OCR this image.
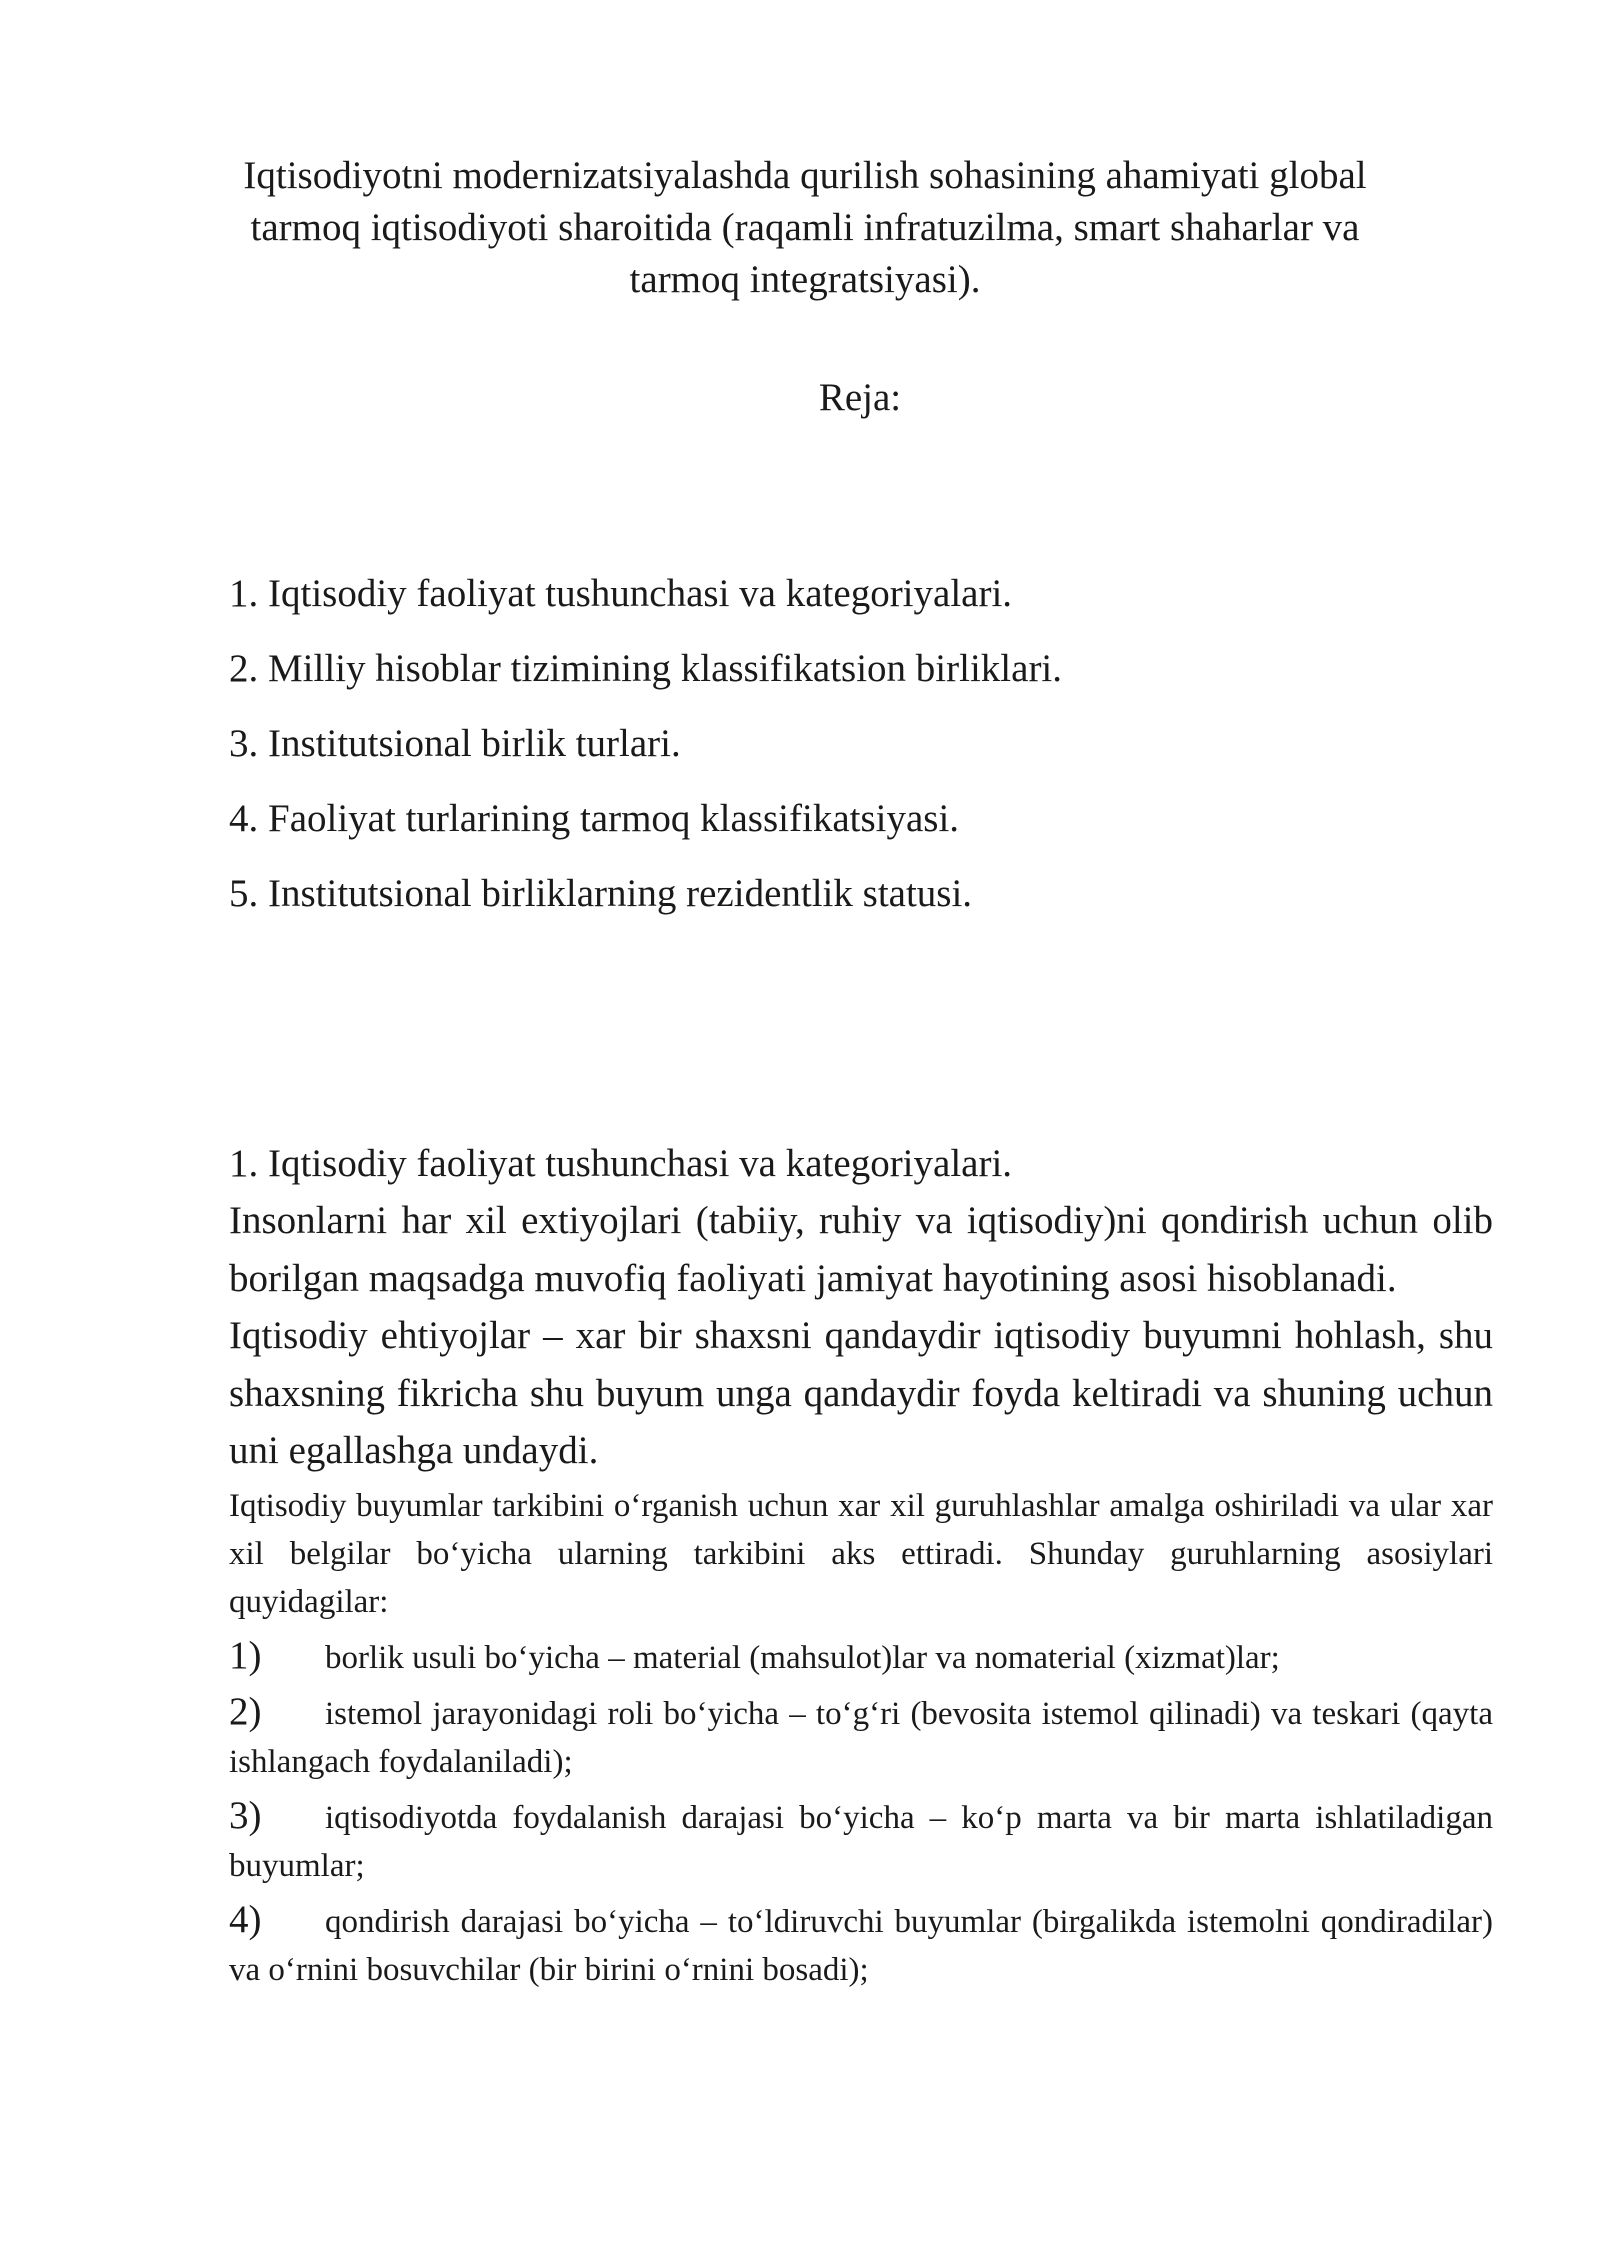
Iqtisodiyotni modernizatsiyalashda qurilish sohasining ahamiyati global tarmoq iqtisodiyoti sharoitida (raqamli infratuzilma, smart shaharlar va tarmoq integratsiyasi).
Reja:
1. Iqtisodiy faoliyat tushunchasi va kategoriyalari.
2. Milliy hisoblar tizimining klassifikatsion birliklari.
3. Institutsional birlik turlari.
4. Faoliyat turlarining tarmoq klassifikatsiyasi.
5. Institutsional birliklarning rezidentlik statusi.
1. Iqtisodiy faoliyat tushunchasi va kategoriyalari.

Insonlarni har xil extiyojlari (tabiiy, ruhiy va iqtisodiy)ni qondirish uchun olib borilgan maqsadga muvofiq faoliyati jamiyat hayotining asosi hisoblanadi.

Iqtisodiy ehtiyojlar – xar bir shaxsni qandaydir iqtisodiy buyumni hohlash, shu shaxsning fikricha shu buyum unga qandaydir foyda keltiradi va shuning uchun uni egallashga undaydi.

Iqtisodiy buyumlar tarkibini o‘rganish uchun xar xil guruhlashlar amalga oshiriladi va ular xar xil belgilar bo‘yicha ularning tarkibini aks ettiradi. Shunday guruhlarning asosiylari quyidagilar:

1) borlik usuli bo‘yicha – material (mahsulot)lar va nomaterial (xizmat)lar;
2) istemol jarayonidagi roli bo‘yicha – to‘g‘ri (bevosita istemol qilinadi) va teskari (qayta ishlangach foydalaniladi);
3) iqtisodiyotda foydalanish darajasi bo‘yicha – ko‘p marta va bir marta ishlatiladigan buyumlar;
4) qondirish darajasi bo‘yicha – to‘ldiruvchi buyumlar (birgalikda istemolni qondiradilar) va o‘rnini bosuvchilar (bir birini o‘rnini bosadi);
